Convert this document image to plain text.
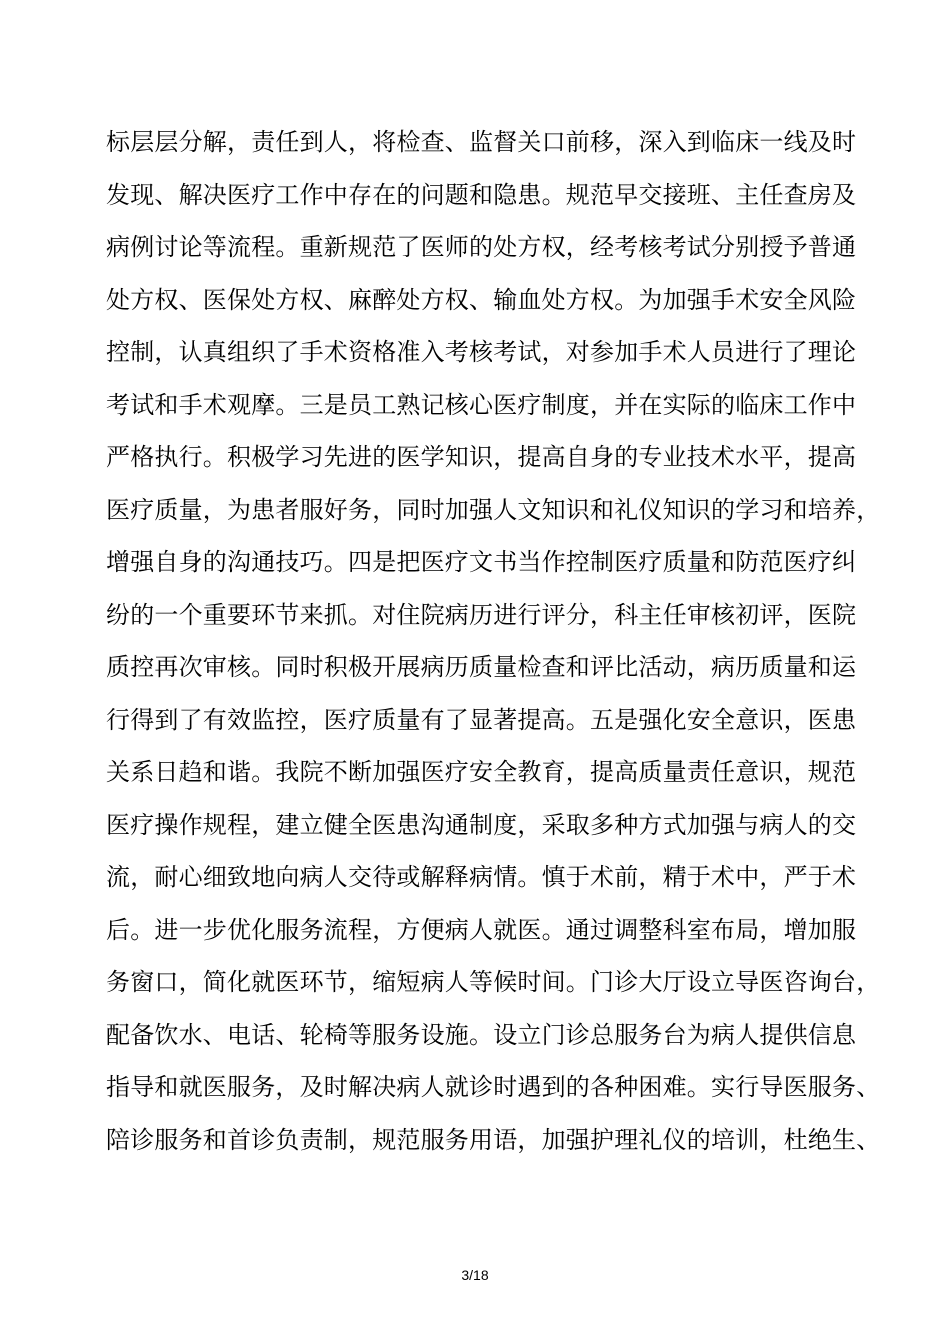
标层层分解，责任到人，将检查、监督关口前移，深入到临床一线及时
发现、解决医疗工作中存在的问题和隐患。规范早交接班、主任查房及
病例讨论等流程。重新规范了医师的处方权，经考核考试分别授予普通
处方权、医保处方权、麻醉处方权、输血处方权。为加强手术安全风险
控制，认真组织了手术资格准入考核考试，对参加手术人员进行了理论
考试和手术观摩。三是员工熟记核心医疗制度，并在实际的临床工作中
严格执行。积极学习先进的医学知识，提高自身的专业技术水平，提高
医疗质量，为患者服好务，同时加强人文知识和礼仪知识的学习和培养，
增强自身的沟通技巧。四是把医疗文书当作控制医疗质量和防范医疗纠
纷的一个重要环节来抓。对住院病历进行评分，科主任审核初评，医院
质控再次审核。同时积极开展病历质量检查和评比活动，病历质量和运
行得到了有效监控，医疗质量有了显著提高。五是强化安全意识，医患
关系日趋和谐。我院不断加强医疗安全教育，提高质量责任意识，规范
医疗操作规程，建立健全医患沟通制度，采取多种方式加强与病人的交
流，耐心细致地向病人交待或解释病情。慎于术前，精于术中，严于术
后。进一步优化服务流程，方便病人就医。通过调整科室布局，增加服
务窗口，简化就医环节，缩短病人等候时间。门诊大厅设立导医咨询台，
配备饮水、电话、轮椅等服务设施。设立门诊总服务台为病人提供信息
指导和就医服务，及时解决病人就诊时遇到的各种困难。实行导医服务、
陪诊服务和首诊负责制，规范服务用语，加强护理礼仪的培训，杜绝生、
3/18
